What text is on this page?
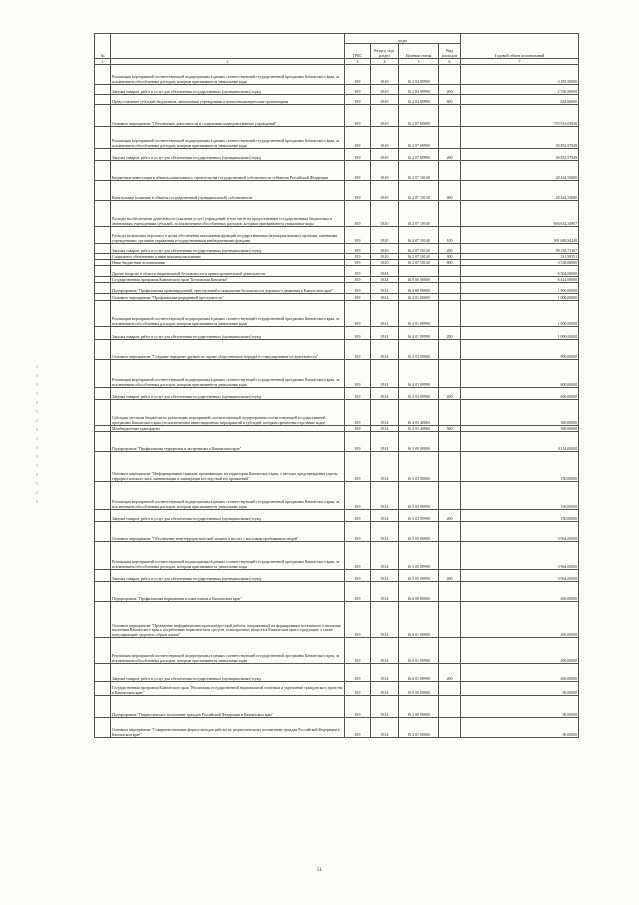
№		коды				Годовой объем ассигнований
		ГРБС	Раздел, под-раздел	Целевая статья	Вид расходов	
1	2	3	4	5	6	7
	Реализация мероприятий соответствующей подпрограммы в рамках соответствующей государственной программы Камчатского края, за исключением обособленных расходов, которым присваиваются уникальные коды	819	0310	16 2 04 09990		3 185,50000
	Закупка товаров, работ и услуг для обеспечения государственных (муниципальных) нужд	819	0310	16 2 04 09990	200	2 550,90000
	Предоставление субсидий бюджетным, автономным учреждениям и иным некоммерческим организациям	819	0310	16 2 04 09990	600	634,60000
	Основное мероприятие "Обеспечение деятельности и содержания подведомственных учреждений"	819	0310	16 2 07 00000		753 913,05836
	Реализация мероприятий соответствующей подпрограммы в рамках соответствующей государственной программы Камчатского края, за исключением обособленных расходов, которым присваиваются уникальные коды	819	0310	16 2 07 09990		30 853,97949
	Закупка товаров, работ и услуг для обеспечения государственных (муниципальных) нужд	819	0310	16 2 07 09990	200	30 853,97949
	Бюджетные инвестиции в объекты капитального строительства государственной собственности субъектов Российской Федерации	819	0310	16 2 07 10130		28 424,53000
	Капитальные вложения в объекты государственной (муниципальной) собственности	819	0310	16 2 07 10130	400	28 424,53000
	Расходы на обеспечение деятельности (оказание услуг) учреждений, в том числе на предоставление государственным бюджетным и автономным учреждениям субсидий, за исключением обособленных расходов, которым присваиваются уникальные коды	819	0310	16 2 07 10140		694 634,54907
	Расходы на выплаты персоналу в целях обеспечения выполнения функций государственными (муниципальными) органами, казенными учреждениями, органами управления государственными внебюджетными фондами	819	0310	16 2 07 10140	100	591 648,84249
	Закупка товаров, работ и услуг для обеспечения государственных (муниципальных) нужд	819	0310	16 2 07 10140	200	99 235,71107
	Социальное обеспечение и иные выплаты населению	819	0310	16 2 07 10140	300	211,99551
	Иные бюджетные ассигнования	819	0310	16 2 07 10140	800	3 538,00000
	Другие вопросы в области национальной безопасности и правоохранительной деятельности	819	0314			6 504,00000
	Государственная программа Камчатского края "Безопасная Камчатка"	819	0314	16 0 00 00000		6 414,00000
	Подпрограмма "Профилактика правонарушений, преступлений и повышение безопасности дорожного движения в Камчатском крае"	819	0314	16 4 00 00000		1 900,00000
	Основное мероприятие "Профилактика рецидивной преступности"	819	0314	16 4 01 00000		1 000,00000
	Реализация мероприятий соответствующей подпрограммы в рамках соответствующей государственной программы Камчатского края, за исключением обособленных расходов, которым присваиваются уникальные коды	819	0314	16 4 01 09990		1 000,00000
	Закупка товаров, работ и услуг для обеспечения государственных (муниципальных) нужд	819	0314	16 4 01 09990	200	1 000,00000
	Основное мероприятие "Создание народных дружин по охране общественного порядка и стимулирование их деятельности"	819	0314	16 4 03 00000		900,00000
	Реализация мероприятий соответствующей подпрограммы в рамках соответствующей государственной программы Камчатского края, за исключением обособленных расходов, которым присваиваются уникальные коды	819	0314	16 4 03 09990		600,00000
	Закупка товаров, работ и услуг для обеспечения государственных (муниципальных) нужд	819	0314	16 4 03 09990	200	600,00000
	Субсидии местным бюджетам на реализацию мероприятий соответствующей подпрограммы соответствующей государственной программы Камчатского края (за исключением инвестиционных мероприятий и субсидий, которым присвоены отдельные коды)	819	0314	16 4 03 40060		300,00000
	Межбюджетные трансферты	819	0314	16 4 03 40060	500	300,00000
	Подпрограмма "Профилактика терроризма и экстремизма в Камчатском крае"	819	0314	16 5 00 00000		4 114,00000
	Основное мероприятие "Информирование граждан, проживающих на территории Камчатского края, о методах предупреждения угрозы террористического акта, минимизации и ликвидации последствий его проявлений"	819	0314	16 5 03 00000		150,00000
	Реализация мероприятий соответствующей подпрограммы в рамках соответствующей государственной программы Камчатского края, за исключением обособленных расходов, которым присваиваются уникальные коды	819	0314	16 5 03 09990		150,00000
	Закупка товаров, работ и услуг для обеспечения государственных (муниципальных) нужд	819	0314	16 5 03 09990	200	150,00000
	Основное мероприятие "Обеспечение антитеррористической защиты в местах с массовым пребыванием людей"	819	0314	16 5 05 00000		3 964,00000
	Реализация мероприятий соответствующей подпрограммы в рамках соответствующей государственной программы Камчатского края, за исключением обособленных расходов, которым присваиваются уникальные коды	819	0314	16 5 05 09990		3 964,00000
	Закупка товаров, работ и услуг для обеспечения государственных (муниципальных) нужд	819	0314	16 5 05 09990	200	3 964,00000
	Подпрограмма "Профилактика наркомании и алкоголизма в Камчатском крае"	819	0314	16 6 00 00000		400,00000
	Основное мероприятие "Проведение информационно-пропагандистской работы, направленной на формирование негативного отношения населения Камчатского края к потреблению наркотических средств, психотропных веществ в Камчатском крае и продукции, а также популяризацию здорового образа жизни"	819	0314	16 6 01 00000		400,00000
	Реализация мероприятий соответствующей подпрограммы в рамках соответствующей государственной программы Камчатского края, за исключением обособленных расходов, которым присваиваются уникальные коды	819	0314	16 6 01 09990		400,00000
	Закупка товаров, работ и услуг для обеспечения государственных (муниципальных) нужд	819	0314	16 6 01 09990	200	400,00000
	Государственная программа Камчатского края "Реализация государственной национальной политики и укрепление гражданского единства в Камчатском крае"	819	0314	19 0 00 00000		90,00000
	Подпрограмма "Патриотическое воспитание граждан Российской Федерации в Камчатском крае"	819	0314	19 2 00 00000		90,00000
	Основное мероприятие "Совершенствование форм и методов работы по патриотическому воспитанию граждан Российской Федерации в Камчатском крае"	819	0314	19 2 01 00000		90,00000
51
